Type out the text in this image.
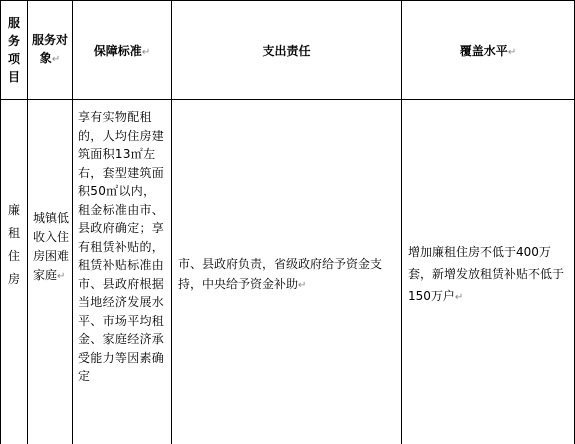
服务项目
服务对象↵
保障标准↵	支出责任	覆盖水平↵
廉租住房
城镇低收入住房困难家庭↵
享有实物配租的，人均住房建筑面积13㎡左右，套型建筑面积50㎡以内，租金标准由市、县政府确定；享有租赁补贴的，租赁补贴标准由市、县政府根据当地经济发展水平、市场平均租金、家庭经济承受能力等因素确定
市、县政府负责，省级政府给予资金支持，中央给予资金补助↵
增加廉租住房不低于400万套，新增发放租赁补贴不低于150万户↵
